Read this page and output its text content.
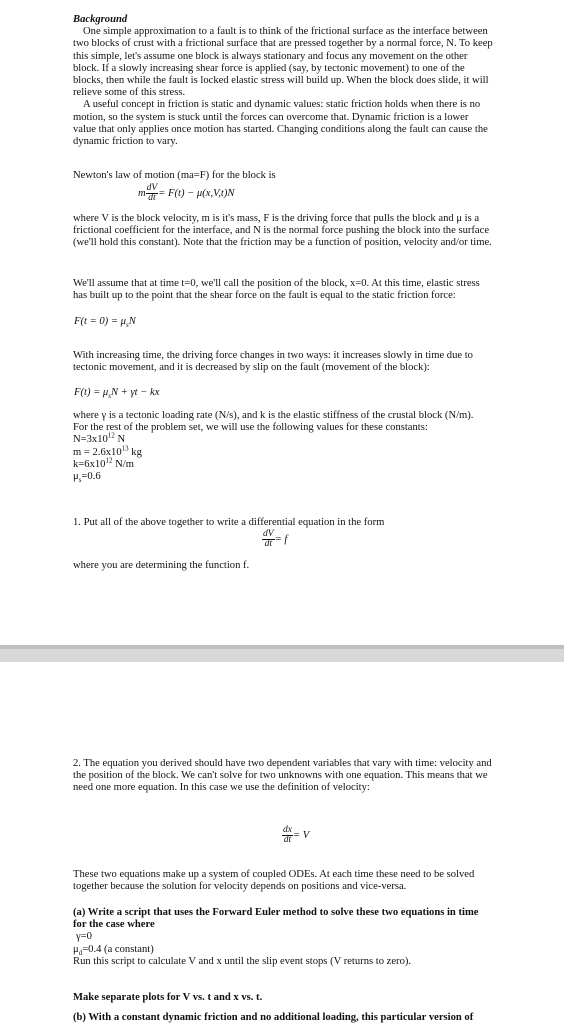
Background

One simple approximation to a fault is to think of the frictional surface as the interface between two blocks of crust with a frictional surface that are pressed together by a normal force, N. To keep this simple, let's assume one block is always stationary and focus any movement on the other block. If a slowly increasing shear force is applied (say, by tectonic movement) to one of the blocks, then while the fault is locked elastic stress will build up. When the block does slide, it will relieve some of this stress.

A useful concept in friction is static and dynamic values: static friction holds when there is no motion, so the system is stuck until the forces can overcome that. Dynamic friction is a lower value that only applies once motion has started. Changing conditions along the fault can cause the dynamic friction to vary.

Newton's law of motion (ma=F) for the block is

m $\frac{dV}{dt} = F(t) - \mu(x,V,t)N$

where V is the block velocity, m is it's mass, F is the driving force that pulls the block and μ is a frictional coefficient for the interface, and N is the normal force pushing the block into the surface (we'll hold this constant). Note that the friction may be a function of position, velocity and/or time.

We'll assume that at time t=0, we'll call the position of the block, x=0. At this time, elastic stress has built up to the point that the shear force on the fault is equal to the static friction force:

$F(t = 0) = \mu_sN$

With increasing time, the driving force changes in two ways: it increases slowly in time due to tectonic movement, and it is decreased by slip on the fault (movement of the block):

$F(t) = \mu_sN + \gamma t$ − kx

where γ is a tectonic loading rate (N/s), and k is the elastic stiffness of the crustal block (N/m).

For the rest of the problem set, we will use the following values for these constants:

$N=3x10^{12}$ N

$m = 2.6x10^{13}$ kg

$k=6x10^{12}$ N/m

$\mu_s=0.6$

1. Put all of the above together to write a differential equation in the form

$\frac{dV}{dt} = f$

where you are determining the function f.

2. The equation you derived should have two dependent variables that vary with time: velocity and the position of the block. We can't solve for two unknowns with one equation. This means that we need one more equation. In this case we use the definition of velocity:

$\frac{dx}{dt} = V$

These two equations make up a system of coupled ODEs. At each time these need to be solved together because the solution for velocity depends on positions and vice-versa.

(a) Write a script that uses the Forward Euler method to solve these two equations in time for the case where

γ=0

$\mu_d=0.4$ (a constant)

Run this script to calculate V and x until the slip event stops (V returns to zero).

Make separate plots for V vs. t and x vs. t.

(b) With a constant dynamic friction and no additional loading, this particular version of
